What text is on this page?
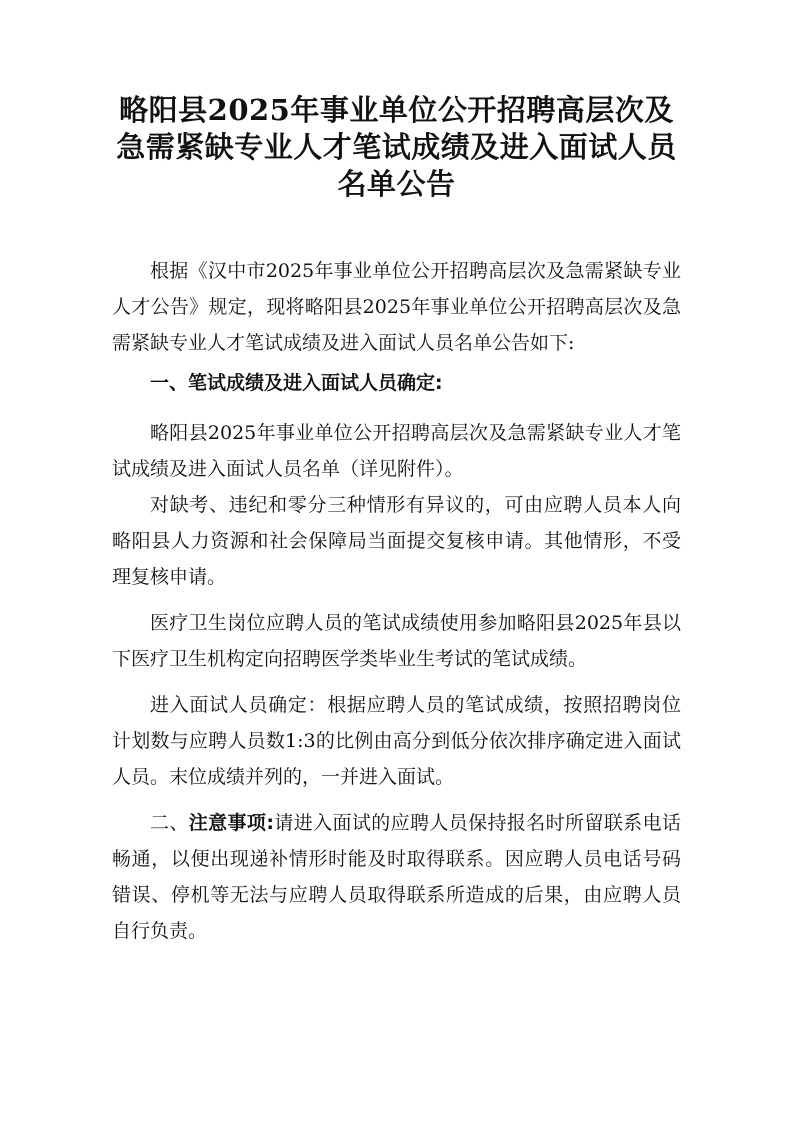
略阳县2025年事业单位公开招聘高层次及
急需紧缺专业人才笔试成绩及进入面试人员
名单公告

根据《汉中市2025年事业单位公开招聘高层次及急需紧缺专业人才公告》规定，现将略阳县2025年事业单位公开招聘高层次及急需紧缺专业人才笔试成绩及进入面试人员名单公告如下:

一、笔试成绩及进入面试人员确定:

略阳县2025年事业单位公开招聘高层次及急需紧缺专业人才笔试成绩及进入面试人员名单（详见附件）。

对缺考、违纪和零分三种情形有异议的，可由应聘人员本人向略阳县人力资源和社会保障局当面提交复核申请。其他情形，不受理复核申请。

医疗卫生岗位应聘人员的笔试成绩使用参加略阳县2025年县以下医疗卫生机构定向招聘医学类毕业生考试的笔试成绩。

进入面试人员确定：根据应聘人员的笔试成绩，按照招聘岗位计划数与应聘人员数1:3的比例由高分到低分依次排序确定进入面试人员。末位成绩并列的，一并进入面试。

二、注意事项:请进入面试的应聘人员保持报名时所留联系电话畅通，以便出现递补情形时能及时取得联系。因应聘人员电话号码错误、停机等无法与应聘人员取得联系所造成的后果，由应聘人员自行负责。
